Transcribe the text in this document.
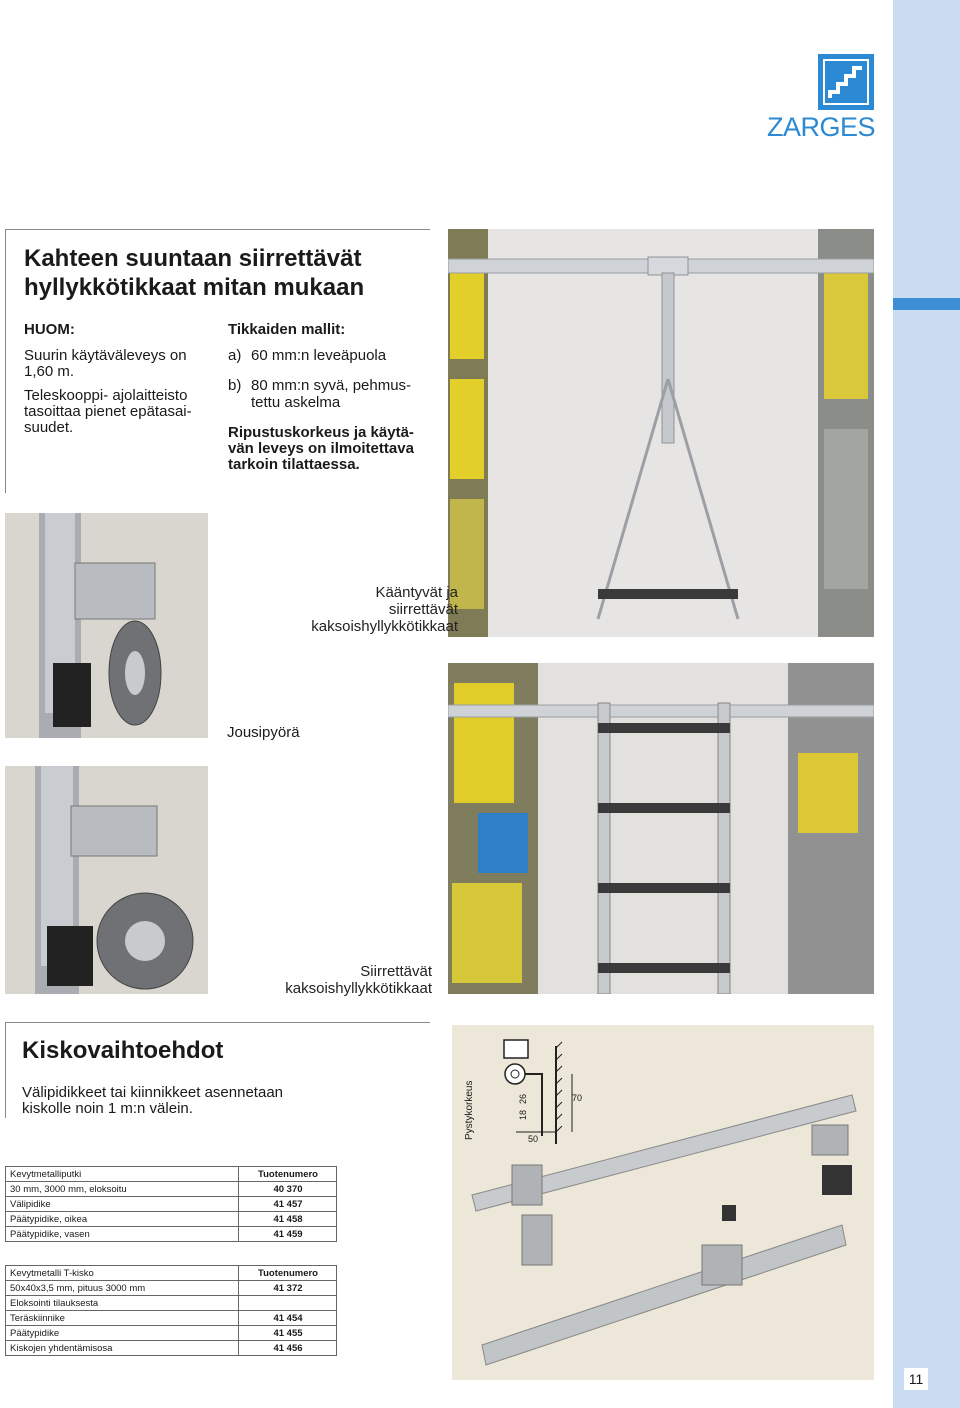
ZARGES
Kahteen suuntaan siirrettävät hyllykkötikkaat mitan mukaan
HUOM:
Suurin käytäväleveys on
1,60 m.
Teleskooppi- ajolaitteisto
tasoittaa pienet epätasai-
suudet.
Tikkaiden mallit:
a) 60 mm:n leveäpuola
b) 80 mm:n syvä, pehmus-
tettu askelma
Ripustuskorkeus ja käytä-
vän leveys on ilmoitettava
tarkoin tilattaessa.
Kääntyvät ja
siirrettävät
kaksoishyllykkötikkaat
Jousipyörä
Siirrettävät
kaksoishyllykkötikkaat
Kiskovaihtoehdot
Välipidikkeet tai kiinnikkeet asennetaan
kiskolle noin 1 m:n välein.
Kevytmetalliputki	Tuotenumero
30 mm, 3000 mm, eloksoitu	40 370
Välipidike	41 457
Päätypidike, oikea	41 458
Päätypidike, vasen	41 459
Kevytmetalli T-kisko	Tuotenumero
50x40x3,5 mm, pituus 3000 mm	41 372
Eloksointi tilauksesta	
Teräskiinnike	41 454
Päätypidike	41 455
Kiskojen yhdentämisosa	41 456
Pystykorkeus	18
26
50
70
11
